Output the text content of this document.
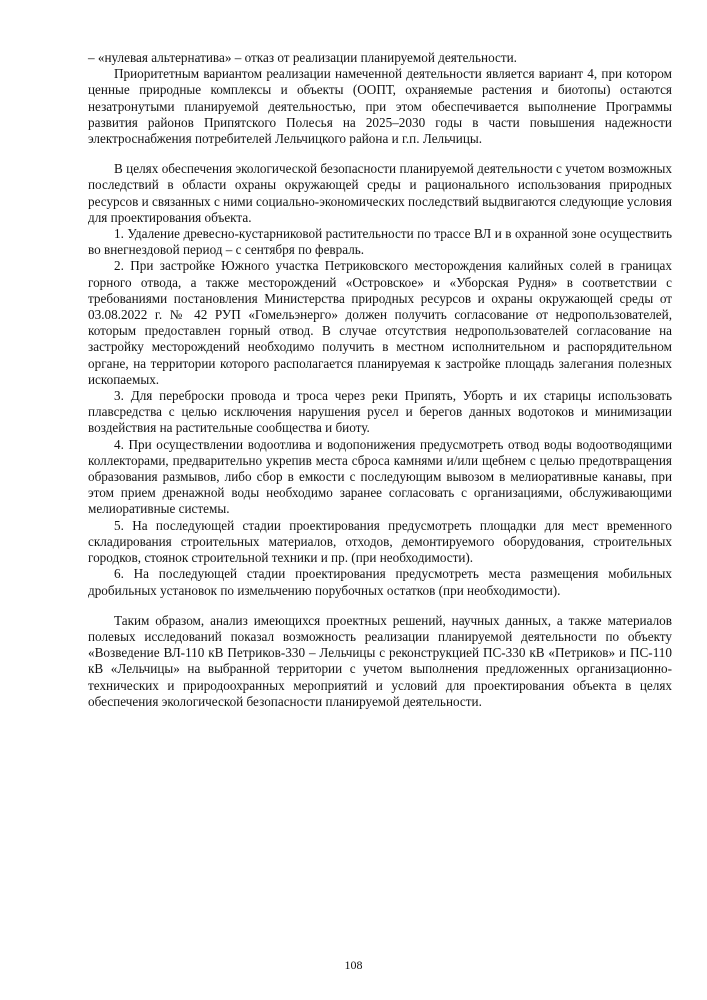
– «нулевая альтернатива» – отказ от реализации планируемой деятельности.

Приоритетным вариантом реализации намеченной деятельности является вариант 4, при котором ценные природные комплексы и объекты (ООПТ, охраняемые растения и биотопы) остаются незатронутыми планируемой деятельностью, при этом обеспечивается выполнение Программы развития районов Припятского Полесья на 2025–2030 годы в части повышения надежности электроснабжения потребителей Лельчицкого района и г.п. Лельчицы.

В целях обеспечения экологической безопасности планируемой деятельности с учетом возможных последствий в области охраны окружающей среды и рационального использования природных ресурсов и связанных с ними социально-экономических последствий выдвигаются следующие условия для проектирования объекта.

1. Удаление древесно-кустарниковой растительности по трассе ВЛ и в охранной зоне осуществить во внегнездовой период – с сентября по февраль.

2. При застройке Южного участка Петриковского месторождения калийных солей в границах горного отвода, а также месторождений «Островское» и «Уборская Рудня» в соответствии с требованиями постановления Министерства природных ресурсов и охраны окружающей среды от 03.08.2022 г. № 42 РУП «Гомельэнерго» должен получить согласование от недропользователей, которым предоставлен горный отвод. В случае отсутствия недропользователей согласование на застройку месторождений необходимо получить в местном исполнительном и распорядительном органе, на территории которого располагается планируемая к застройке площадь залегания полезных ископаемых.

3. Для переброски провода и троса через реки Припять, Уборть и их старицы использовать плавсредства с целью исключения нарушения русел и берегов данных водотоков и минимизации воздействия на растительные сообщества и биоту.

4. При осуществлении водоотлива и водопонижения предусмотреть отвод воды водоотводящими коллекторами, предварительно укрепив места сброса камнями и/или щебнем с целью предотвращения образования размывов, либо сбор в емкости с последующим вывозом в мелиоративные канавы, при этом прием дренажной воды необходимо заранее согласовать с организациями, обслуживающими мелиоративные системы.

5. На последующей стадии проектирования предусмотреть площадки для мест временного складирования строительных материалов, отходов, демонтируемого оборудования, строительных городков, стоянок строительной техники и пр. (при необходимости).

6. На последующей стадии проектирования предусмотреть места размещения мобильных дробильных установок по измельчению порубочных остатков (при необходимости).

Таким образом, анализ имеющихся проектных решений, научных данных, а также материалов полевых исследований показал возможность реализации планируемой деятельности по объекту «Возведение ВЛ-110 кВ Петриков-330 – Лельчицы с реконструкцией ПС-330 кВ «Петриков» и ПС-110 кВ «Лельчицы» на выбранной территории с учетом выполнения предложенных организационно-технических и природоохранных мероприятий и условий для проектирования объекта в целях обеспечения экологической безопасности планируемой деятельности.

108
